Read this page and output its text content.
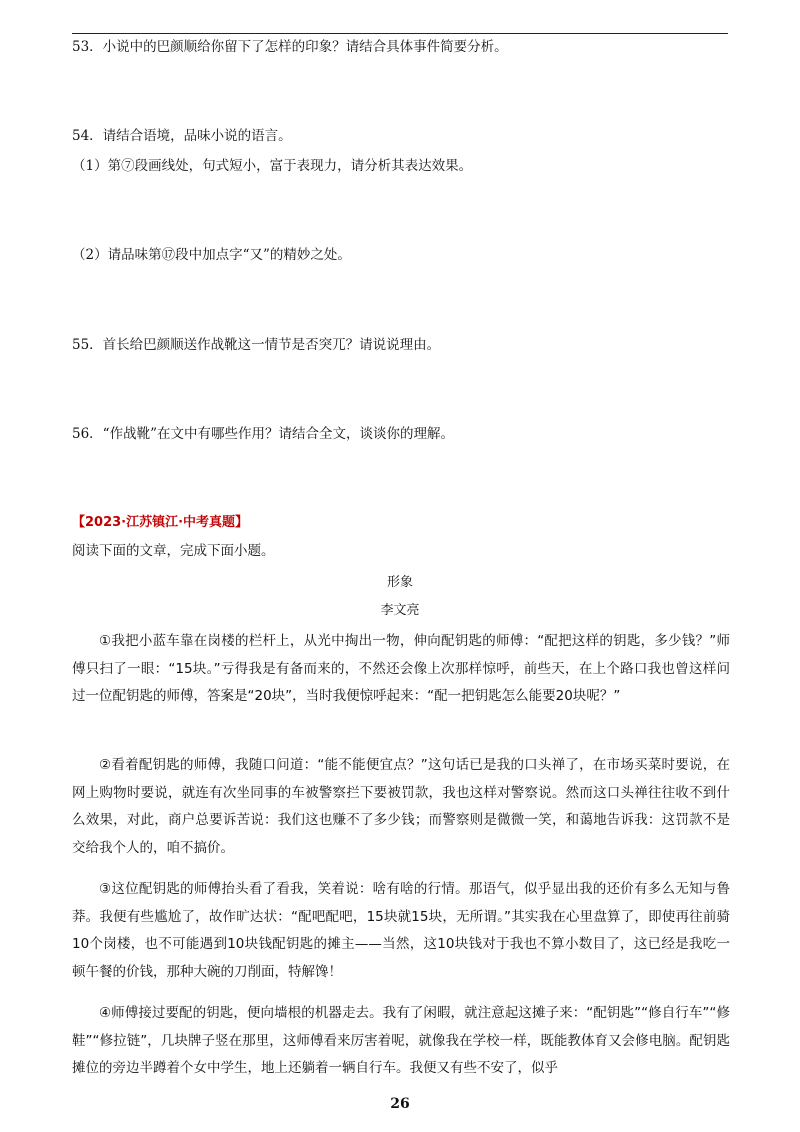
53．小说中的巴颜顺给你留下了怎样的印象？请结合具体事件简要分析。
54．请结合语境，品味小说的语言。
（1）第⑦段画线处，句式短小，富于表现力，请分析其表达效果。
（2）请品味第⑰段中加点字“又”的精妙之处。
55．首长给巴颜顺送作战靴这一情节是否突兀？请说说理由。
56．“作战靴”在文中有哪些作用？请结合全文，谈谈你的理解。
【2023·江苏镇江·中考真题】
阅读下面的文章，完成下面小题。
形象
李文亮
①我把小蓝车靠在岗楼的栏杆上，从光中掏出一物，伸向配钥匙的师傅：“配把这样的钥匙，多少钱？”师傅只扫了一眼：“15块。”亏得我是有备而来的，不然还会像上次那样惊呼，前些天，在上个路口我也曾这样问过一位配钥匙的师傅，答案是“20块”，当时我便惊呼起来：“配一把钥匙怎么能要20块呢？”
②看着配钥匙的师傅，我随口问道：“能不能便宜点？”这句话已是我的口头禅了，在市场买菜时要说，在网上购物时要说，就连有次坐同事的车被警察拦下要被罚款，我也这样对警察说。然而这口头禅往往收不到什么效果，对此，商户总要诉苦说：我们这也赚不了多少钱；而警察则是微微一笑，和蔼地告诉我：这罚款不是交给我个人的，咱不搞价。
③这位配钥匙的师傅抬头看了看我，笑着说：啥有啥的行情。那语气，似乎显出我的还价有多么无知与鲁莽。我便有些尴尬了，故作旷达状：“配吧配吧，15块就15块，无所谓。”其实我在心里盘算了，即使再往前骑10个岗楼，也不可能遇到10块钱配钥匙的摊主——当然，这10块钱对于我也不算小数目了，这已经是我吃一顿午餐的价钱，那种大碗的刀削面，特解馋！
④师傅接过要配的钥匙，便向墙根的机器走去。我有了闲暇，就注意起这摊子来：“配钥匙”“修自行车”“修鞋”“修拉链”，几块牌子竖在那里，这师傅看来厉害着呢，就像我在学校一样，既能教体育又会修电脑。配钥匙摊位的旁边半蹲着个女中学生，地上还躺着一辆自行车。我便又有些不安了，似乎
26
